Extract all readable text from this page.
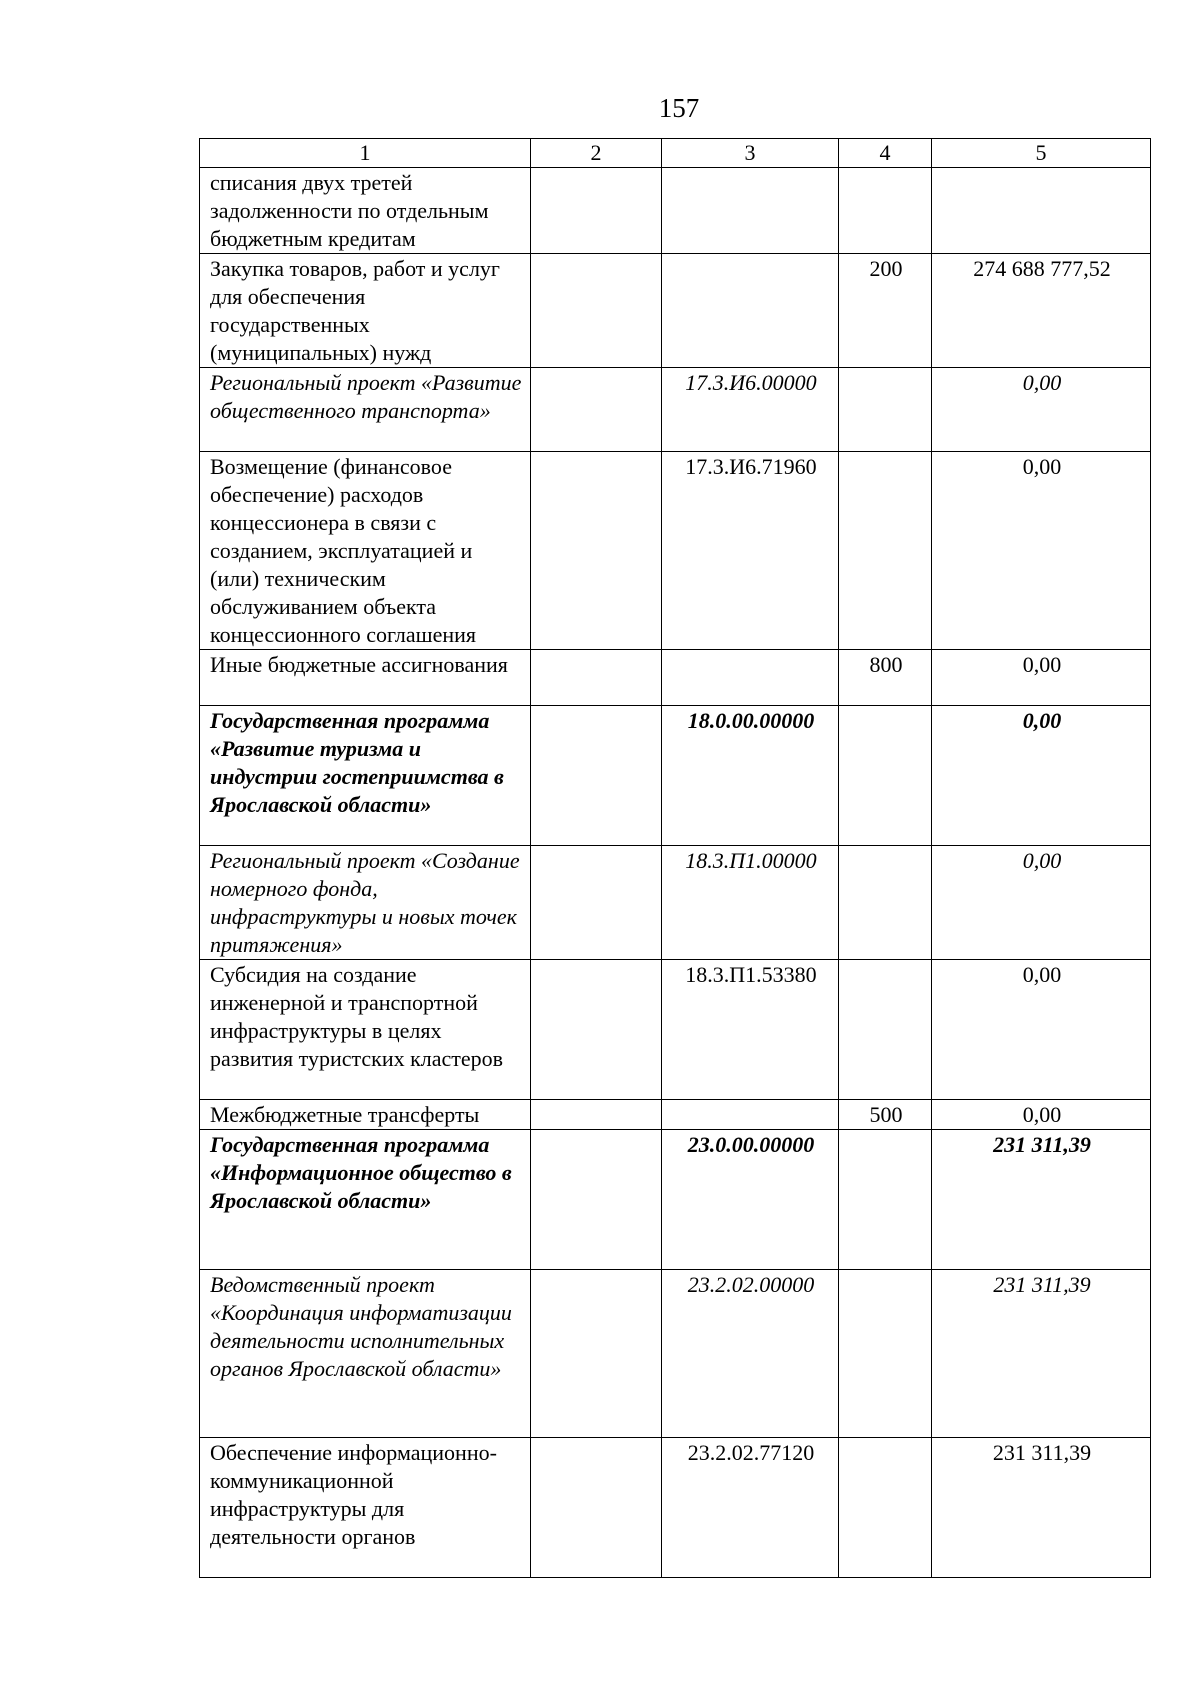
157
1	2	3	4	5
списания двух третей задолженности по отдельным бюджетным кредитам				
Закупка товаров, работ и услуг для обеспечения государственных (муниципальных) нужд			200	274 688 777,52
Региональный проект «Развитие общественного транспорта»		17.3.И6.00000		0,00
Возмещение (финансовое обеспечение) расходов концессионера в связи с созданием, эксплуатацией и (или) техническим обслуживанием объекта концессионного соглашения		17.3.И6.71960		0,00
Иные бюджетные ассигнования			800	0,00
Государственная программа «Развитие туризма и индустрии гостеприимства в Ярославской области»		18.0.00.00000		0,00
Региональный проект «Создание номерного фонда, инфраструктуры и новых точек притяжения»		18.3.П1.00000		0,00
Субсидия на создание инженерной и транспортной инфраструктуры в целях развития туристских кластеров		18.3.П1.53380		0,00
Межбюджетные трансферты			500	0,00
Государственная программа «Информационное общество в Ярославской области»		23.0.00.00000		231 311,39
Ведомственный проект «Координация информатизации деятельности исполнительных органов Ярославской области»		23.2.02.00000		231 311,39
Обеспечение информационно-коммуникационной инфраструктуры для деятельности органов		23.2.02.77120		231 311,39
